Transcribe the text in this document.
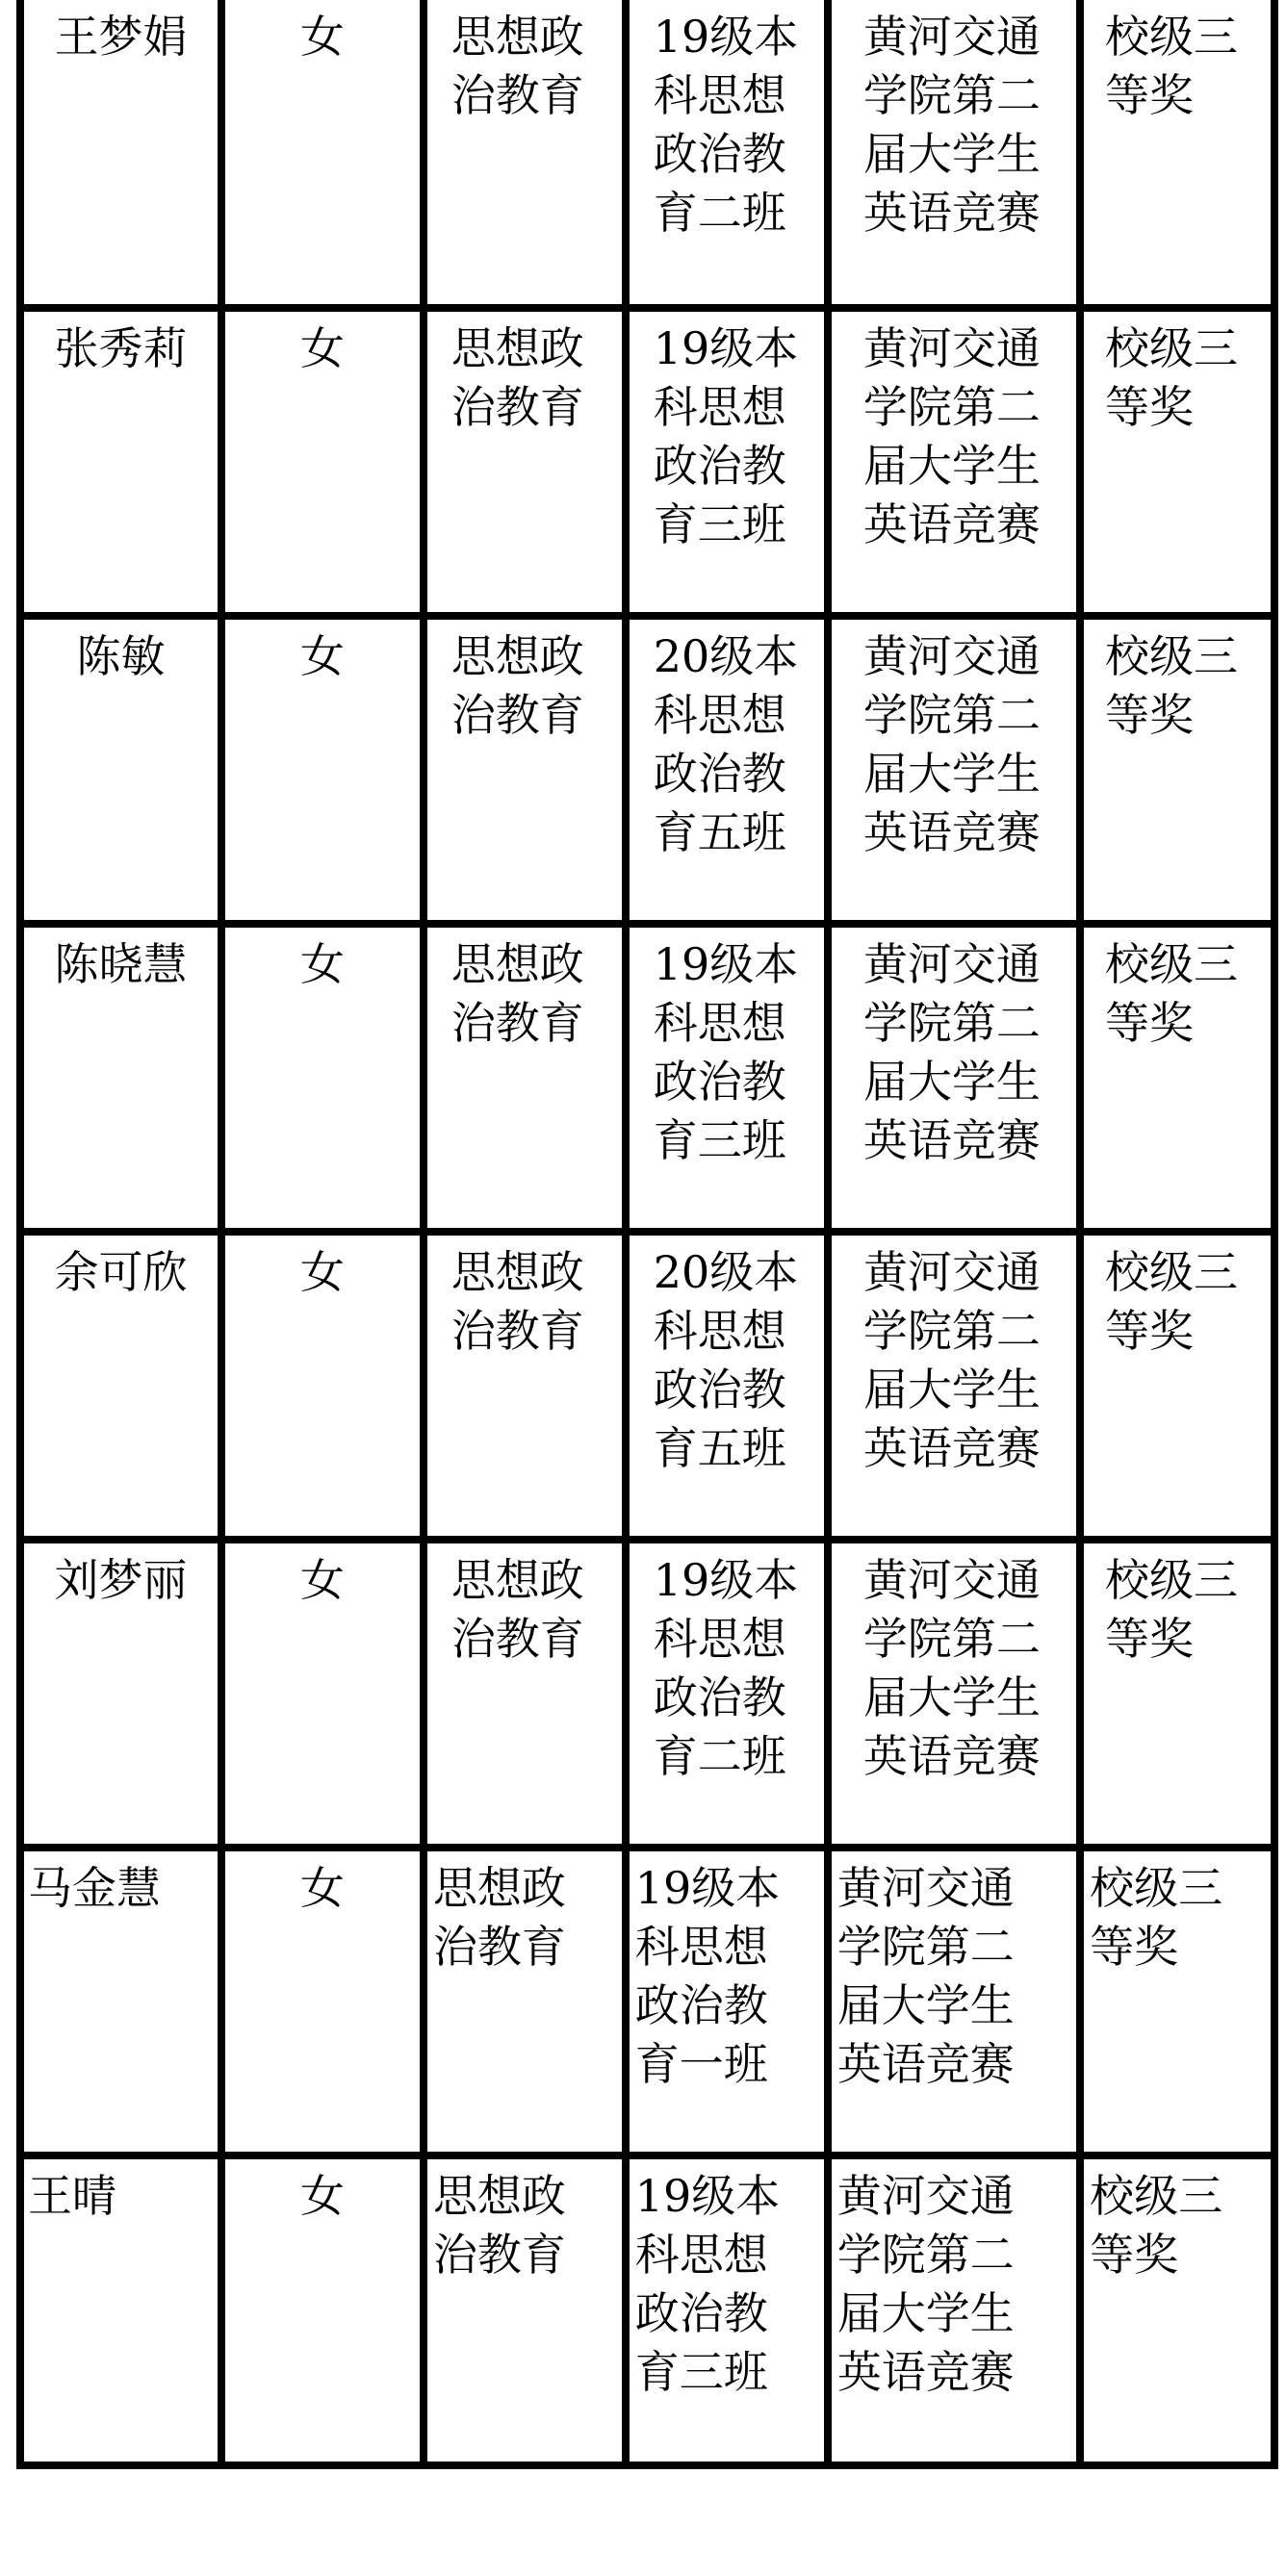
王梦娟	女	思想政治教育	19级本科思想政治教育二班	黄河交通学院第二届大学生英语竞赛	校级三等奖
张秀莉	女	思想政治教育	19级本科思想政治教育三班	黄河交通学院第二届大学生英语竞赛	校级三等奖
陈敏	女	思想政治教育	20级本科思想政治教育五班	黄河交通学院第二届大学生英语竞赛	校级三等奖
陈晓慧	女	思想政治教育	19级本科思想政治教育三班	黄河交通学院第二届大学生英语竞赛	校级三等奖
余可欣	女	思想政治教育	20级本科思想政治教育五班	黄河交通学院第二届大学生英语竞赛	校级三等奖
刘梦丽	女	思想政治教育	19级本科思想政治教育二班	黄河交通学院第二届大学生英语竞赛	校级三等奖

马金慧	女	思想政治教育	19级本科思想政治教育一班	黄河交通学院第二届大学生英语竞赛	校级三等奖

王晴	女	思想政治教育	19级本科思想政治教育三班	黄河交通学院第二届大学生英语竞赛	校级三等奖
